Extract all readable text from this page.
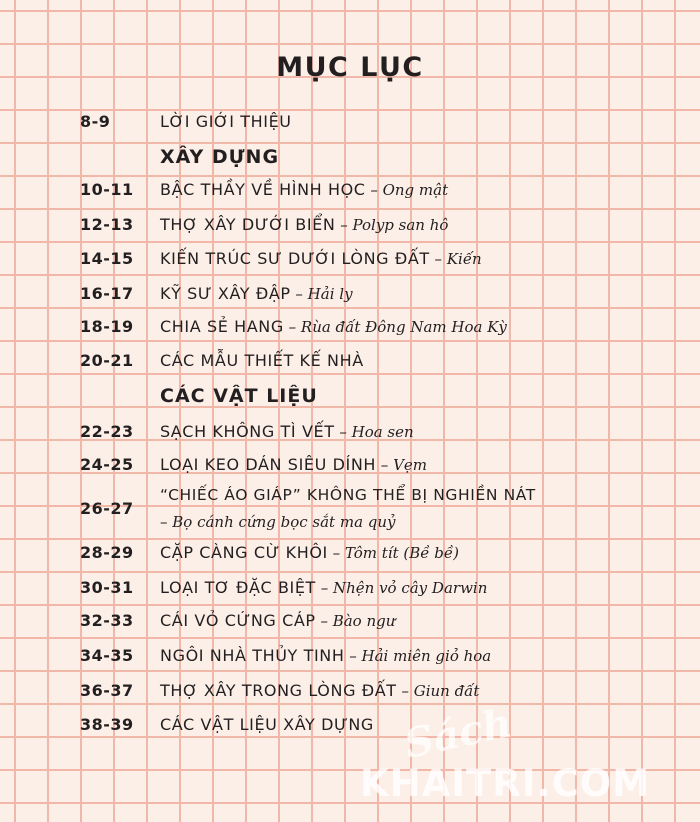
MỤC LỤC
8-9	LỜI GIỚI THIỆU
XÂY DỰNG
10-11 BẬC THẦY VỀ HÌNH HỌC – Ong mật
12-13 THỢ XÂY DƯỚI BIỂN – Polyp san hô
14-15 KIẾN TRÚC SƯ DƯỚI LÒNG ĐẤT – Kiến
16-17 KỸ SƯ XÂY ĐẬP – Hải ly
18-19 CHIA SẺ HANG – Rùa đất Đông Nam Hoa Kỳ
20-21 CÁC MẪU THIẾT KẾ NHÀ
CÁC VẬT LIỆU
22-23 SẠCH KHÔNG TÌ VẾT – Hoa sen
24-25 LOẠI KEO DÁN SIÊU DÍNH – Vẹm
26-27
“CHIẾC ÁO GIÁP” KHÔNG THỂ BỊ NGHIỀN NÁT
– Bọ cánh cứng bọc sắt ma quỷ
28-29 CẶP CÀNG CỪ KHÔI – Tôm tít (Bề bề)
30-31 LOẠI TƠ ĐẶC BIỆT – Nhện vỏ cây Darwin
32-33 CÁI VỎ CỨNG CÁP – Bào ngư
34-35 NGÔI NHÀ THỦY TINH – Hải miên giỏ hoa
36-37 THỢ XÂY TRONG LÒNG ĐẤT – Giun đất
38-39 CÁC VẬT LIỆU XÂY DỰNG Sách
KHAITRI.COM
